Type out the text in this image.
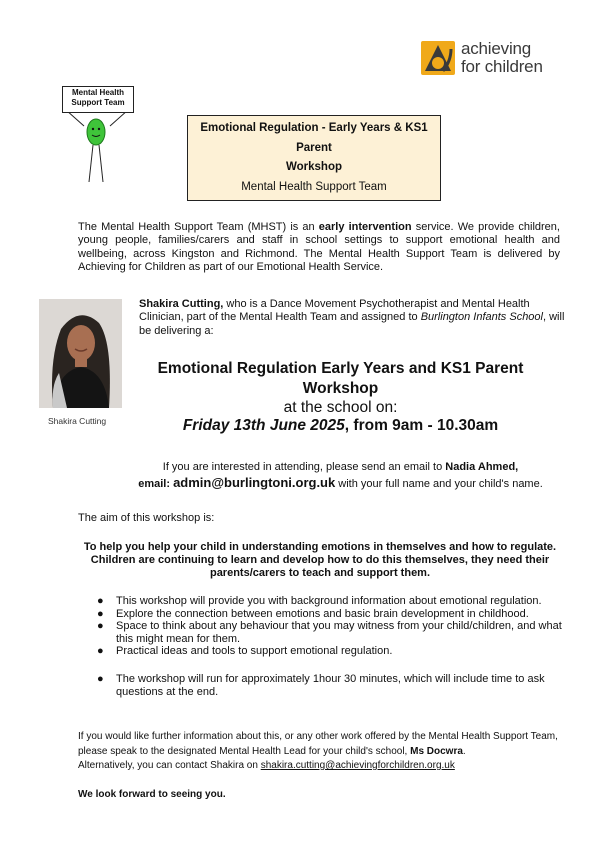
achieving
for children
Mental Health
Support Team
Emotional Regulation - Early Years & KS1
Parent
Workshop
Mental Health Support Team
The Mental Health Support Team (MHST) is an early intervention service. We provide children, young people, families/carers and staff in school settings to support emotional health and wellbeing, across Kingston and Richmond. The Mental Health Support Team is delivered by Achieving for Children as part of our Emotional Health Service.
Shakira Cutting
Shakira Cutting, who is a Dance Movement Psychotherapist and Mental Health Clinician, part of the Mental Health Team and assigned to Burlington Infants School, will be delivering a:
Emotional Regulation Early Years and KS1 Parent
Workshop
at the school on:
Friday 13th June 2025, from 9am - 10.30am
If you are interested in attending, please send an email to Nadia Ahmed,
email: admin@burlingtoni.org.uk with your full name and your child's name.
The aim of this workshop is:
To help you help your child in understanding emotions in themselves and how to regulate. Children are continuing to learn and develop how to do this themselves, they need their parents/carers to teach and support them.
● This workshop will provide you with background information about emotional regulation.
● Explore the connection between emotions and basic brain development in childhood.
● Space to think about any behaviour that you may witness from your child/children, and what this might mean for them.
● Practical ideas and tools to support emotional regulation.
● The workshop will run for approximately 1hour 30 minutes, which will include time to ask questions at the end.
If you would like further information about this, or any other work offered by the Mental Health Support Team, please speak to the designated Mental Health Lead for your child's school, Ms Docwra.
Alternatively, you can contact Shakira on shakira.cutting@achievingforchildren.org.uk
We look forward to seeing you.
